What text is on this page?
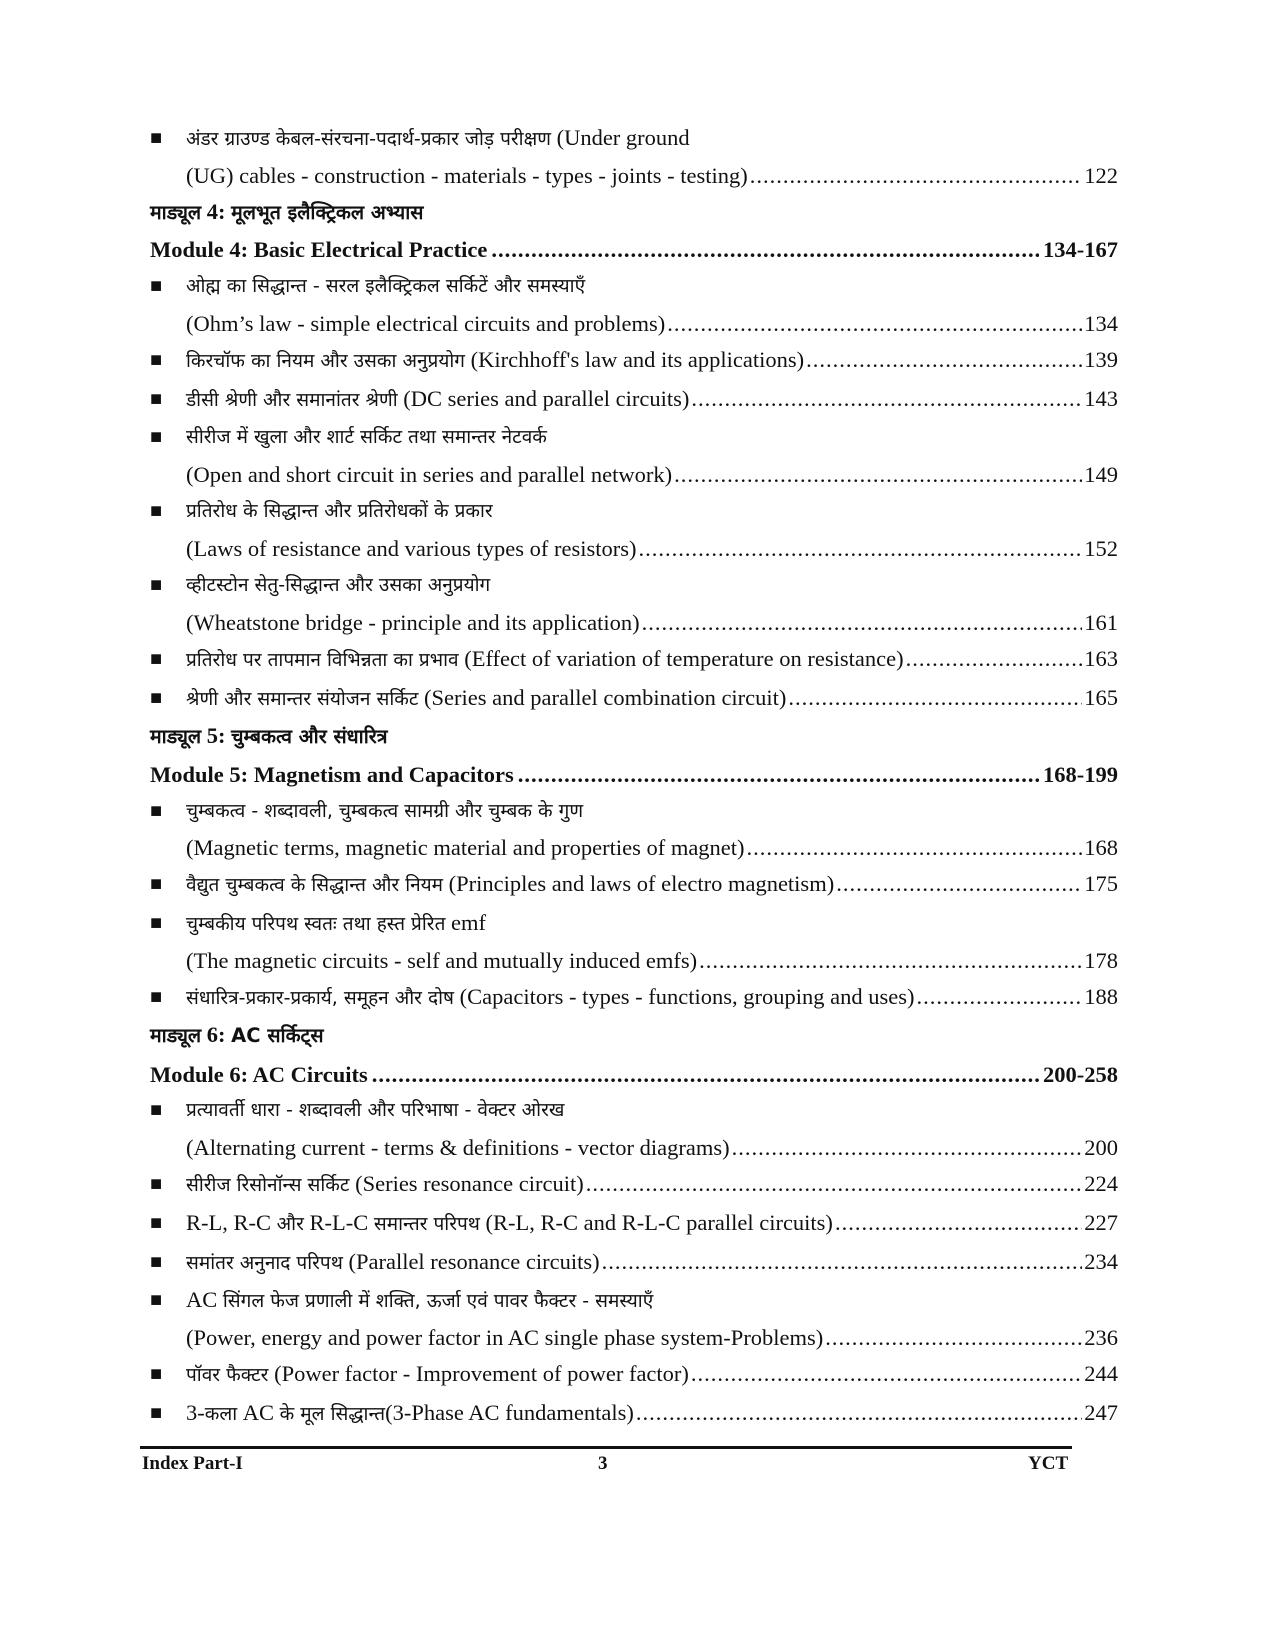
■
अंडर ग्राउण्ड केबल-संरचना-पदार्थ-प्रकार जोड़ परीक्षण (Under ground
(UG) cables - construction - materials - types - joints - testing) .....	122
माड्यूल 4: मूलभूत इलैक्ट्रिकल अभ्यास
Module 4: Basic Electrical Practice .....	134-167
■
ओह्म का सिद्धान्त - सरल इलैक्ट्रिकल सर्किटें और समस्याएँ
(Ohm’s law - simple electrical circuits and problems) .....	134
■
किरचॉफ का नियम और उसका अनुप्रयोग (Kirchhoff's law and its applications) .....	139
■
डीसी श्रेणी और समानांतर श्रेणी (DC series and parallel circuits) .....	143
■
सीरीज में खुला और शार्ट सर्किट तथा समान्तर नेटवर्क
(Open and short circuit in series and parallel network) .....	149
■
प्रतिरोध के सिद्धान्त और प्रतिरोधकों के प्रकार
(Laws of resistance and various types of resistors) .....	152
■
व्हीटस्टोन सेतु-सिद्धान्त और उसका अनुप्रयोग
(Wheatstone bridge - principle and its application) .....	161
■
प्रतिरोध पर तापमान विभिन्नता का प्रभाव (Effect of variation of temperature on resistance) .....	163
■
श्रेणी और समान्तर संयोजन सर्किट (Series and parallel combination circuit) .....	165
माड्यूल 5: चुम्बकत्व और संधारित्र
Module 5: Magnetism and Capacitors .....	168-199
■
चुम्बकत्व - शब्दावली, चुम्बकत्व सामग्री और चुम्बक के गुण
(Magnetic terms, magnetic material and properties of magnet) .....	168
■
वैद्युत चुम्बकत्व के सिद्धान्त और नियम (Principles and laws of electro magnetism) .....	175
■
चुम्बकीय परिपथ स्वतः तथा हस्त प्रेरित emf
(The magnetic circuits - self and mutually induced emfs) .....	178
■
संधारित्र-प्रकार-प्रकार्य, समूहन और दोष (Capacitors - types - functions, grouping and uses) .....	188
माड्यूल 6: AC सर्किट्स
Module 6: AC Circuits .....	200-258
■
प्रत्यावर्ती धारा - शब्दावली और परिभाषा - वेक्टर ओरख
(Alternating current - terms & definitions - vector diagrams) .....	200
■
सीरीज रिसोनॉन्स सर्किट (Series resonance circuit) .....	224
■
R-L, R-C और R-L-C समान्तर परिपथ (R-L, R-C and R-L-C parallel circuits) .....	227
■
समांतर अनुनाद परिपथ (Parallel resonance circuits) .....	234
■
AC सिंगल फेज प्रणाली में शक्ति, ऊर्जा एवं पावर फैक्टर - समस्याएँ
(Power, energy and power factor in AC single phase system-Problems) .....	236
■
पॉवर फैक्टर (Power factor - Improvement of power factor) .....	244
■
3-कला AC के मूल सिद्धान्त(3-Phase AC fundamentals) .....	247
Index Part-I	3	YCT
